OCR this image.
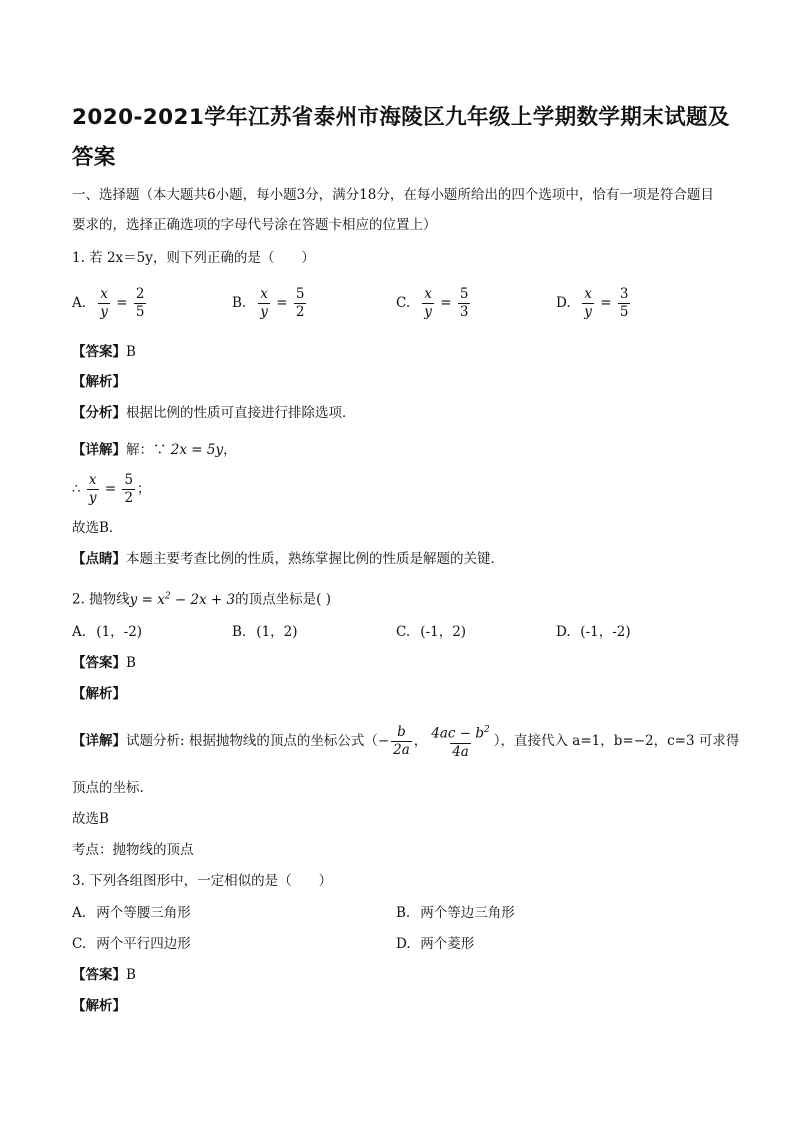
2020-2021学年江苏省泰州市海陵区九年级上学期数学期末试题及答案
一、选择题（本大题共6小题，每小题3分，满分18分，在每小题所给出的四个选项中，恰有一项是符合题目要求的，选择正确选项的字母代号涂在答题卡相应的位置上）
1. 若 2x＝5y，则下列正确的是（　　）
A. $\frac{x}{y} = \frac{2}{5}$	B. $\frac{x}{y} = \frac{5}{2}$	C. $\frac{x}{y} = \frac{5}{3}$	D. $\frac{x}{y} = \frac{3}{5}$
【答案】B
【解析】
【分析】根据比例的性质可直接进行排除选项．
【详解】解：∵ 2x = 5y，
∴ $\frac{x}{y} = \frac{5}{2}$ ；
故选B．
【点睛】本题主要考查比例的性质，熟练掌握比例的性质是解题的关键．
2. 抛物线$y = x^2 - 2x + 3$的顶点坐标是( )
A. (1，-2)	B. (1，2)	C. (-1，2)	D. (-1，-2)
【答案】B
【解析】
【详解】试题分析: 根据抛物线的顶点的坐标公式（− $\frac{b}{2a}$ ， $\frac{4ac - b^2}{4a}$ ），直接代入 a=1，b=−2，c=3 可求得
顶点的坐标.
故选B
考点：抛物线的顶点
3. 下列各组图形中，一定相似的是（　　）
A. 两个等腰三角形	B. 两个等边三角形
C. 两个平行四边形	D. 两个菱形
【答案】B
【解析】
